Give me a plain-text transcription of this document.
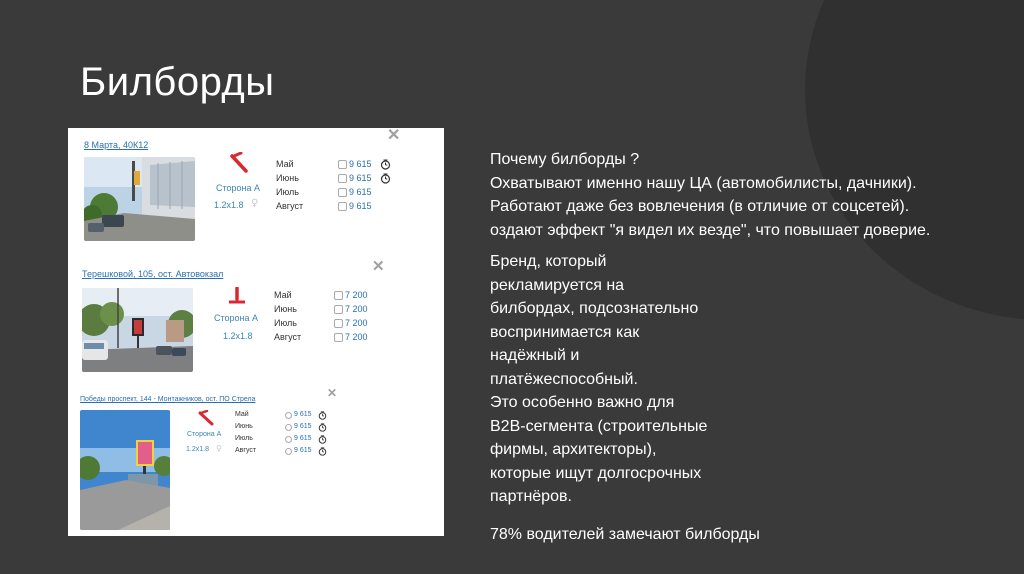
Билборды
8 Марта, 40К12
✕
Сторона А
1.2x1.8 ♀
Май	9 615
Июнь	9 615
Июль	9 615
Август	9 615
Терешковой, 105, ост. Автовокзал	✕
Сторона А
1.2x1.8
Май	7 200
Июнь	7 200
Июль	7 200
Август	7 200
Победы проспект, 144 - Монтажников, ост. ПО Стрела	✕
Сторона А
1.2x1.8 ♀
Май	9 615
Июнь	9 615
Июль	9 615
Август	9 615

Почему билборды ?

Охватывают именно нашу ЦА (автомобилисты, дачники).

Работают даже без вовлечения (в отличие от соцсетей).

оздают эффект "я видел их везде", что повышает доверие.

Бренд, который

рекламируется на

билбордах, подсознательно

воспринимается как

надёжный и

платёжеспособный.

Это особенно важно для

B2B-сегмента (строительные

фирмы, архитекторы),

которые ищут долгосрочных

партнёров.

78% водителей замечают билборды
